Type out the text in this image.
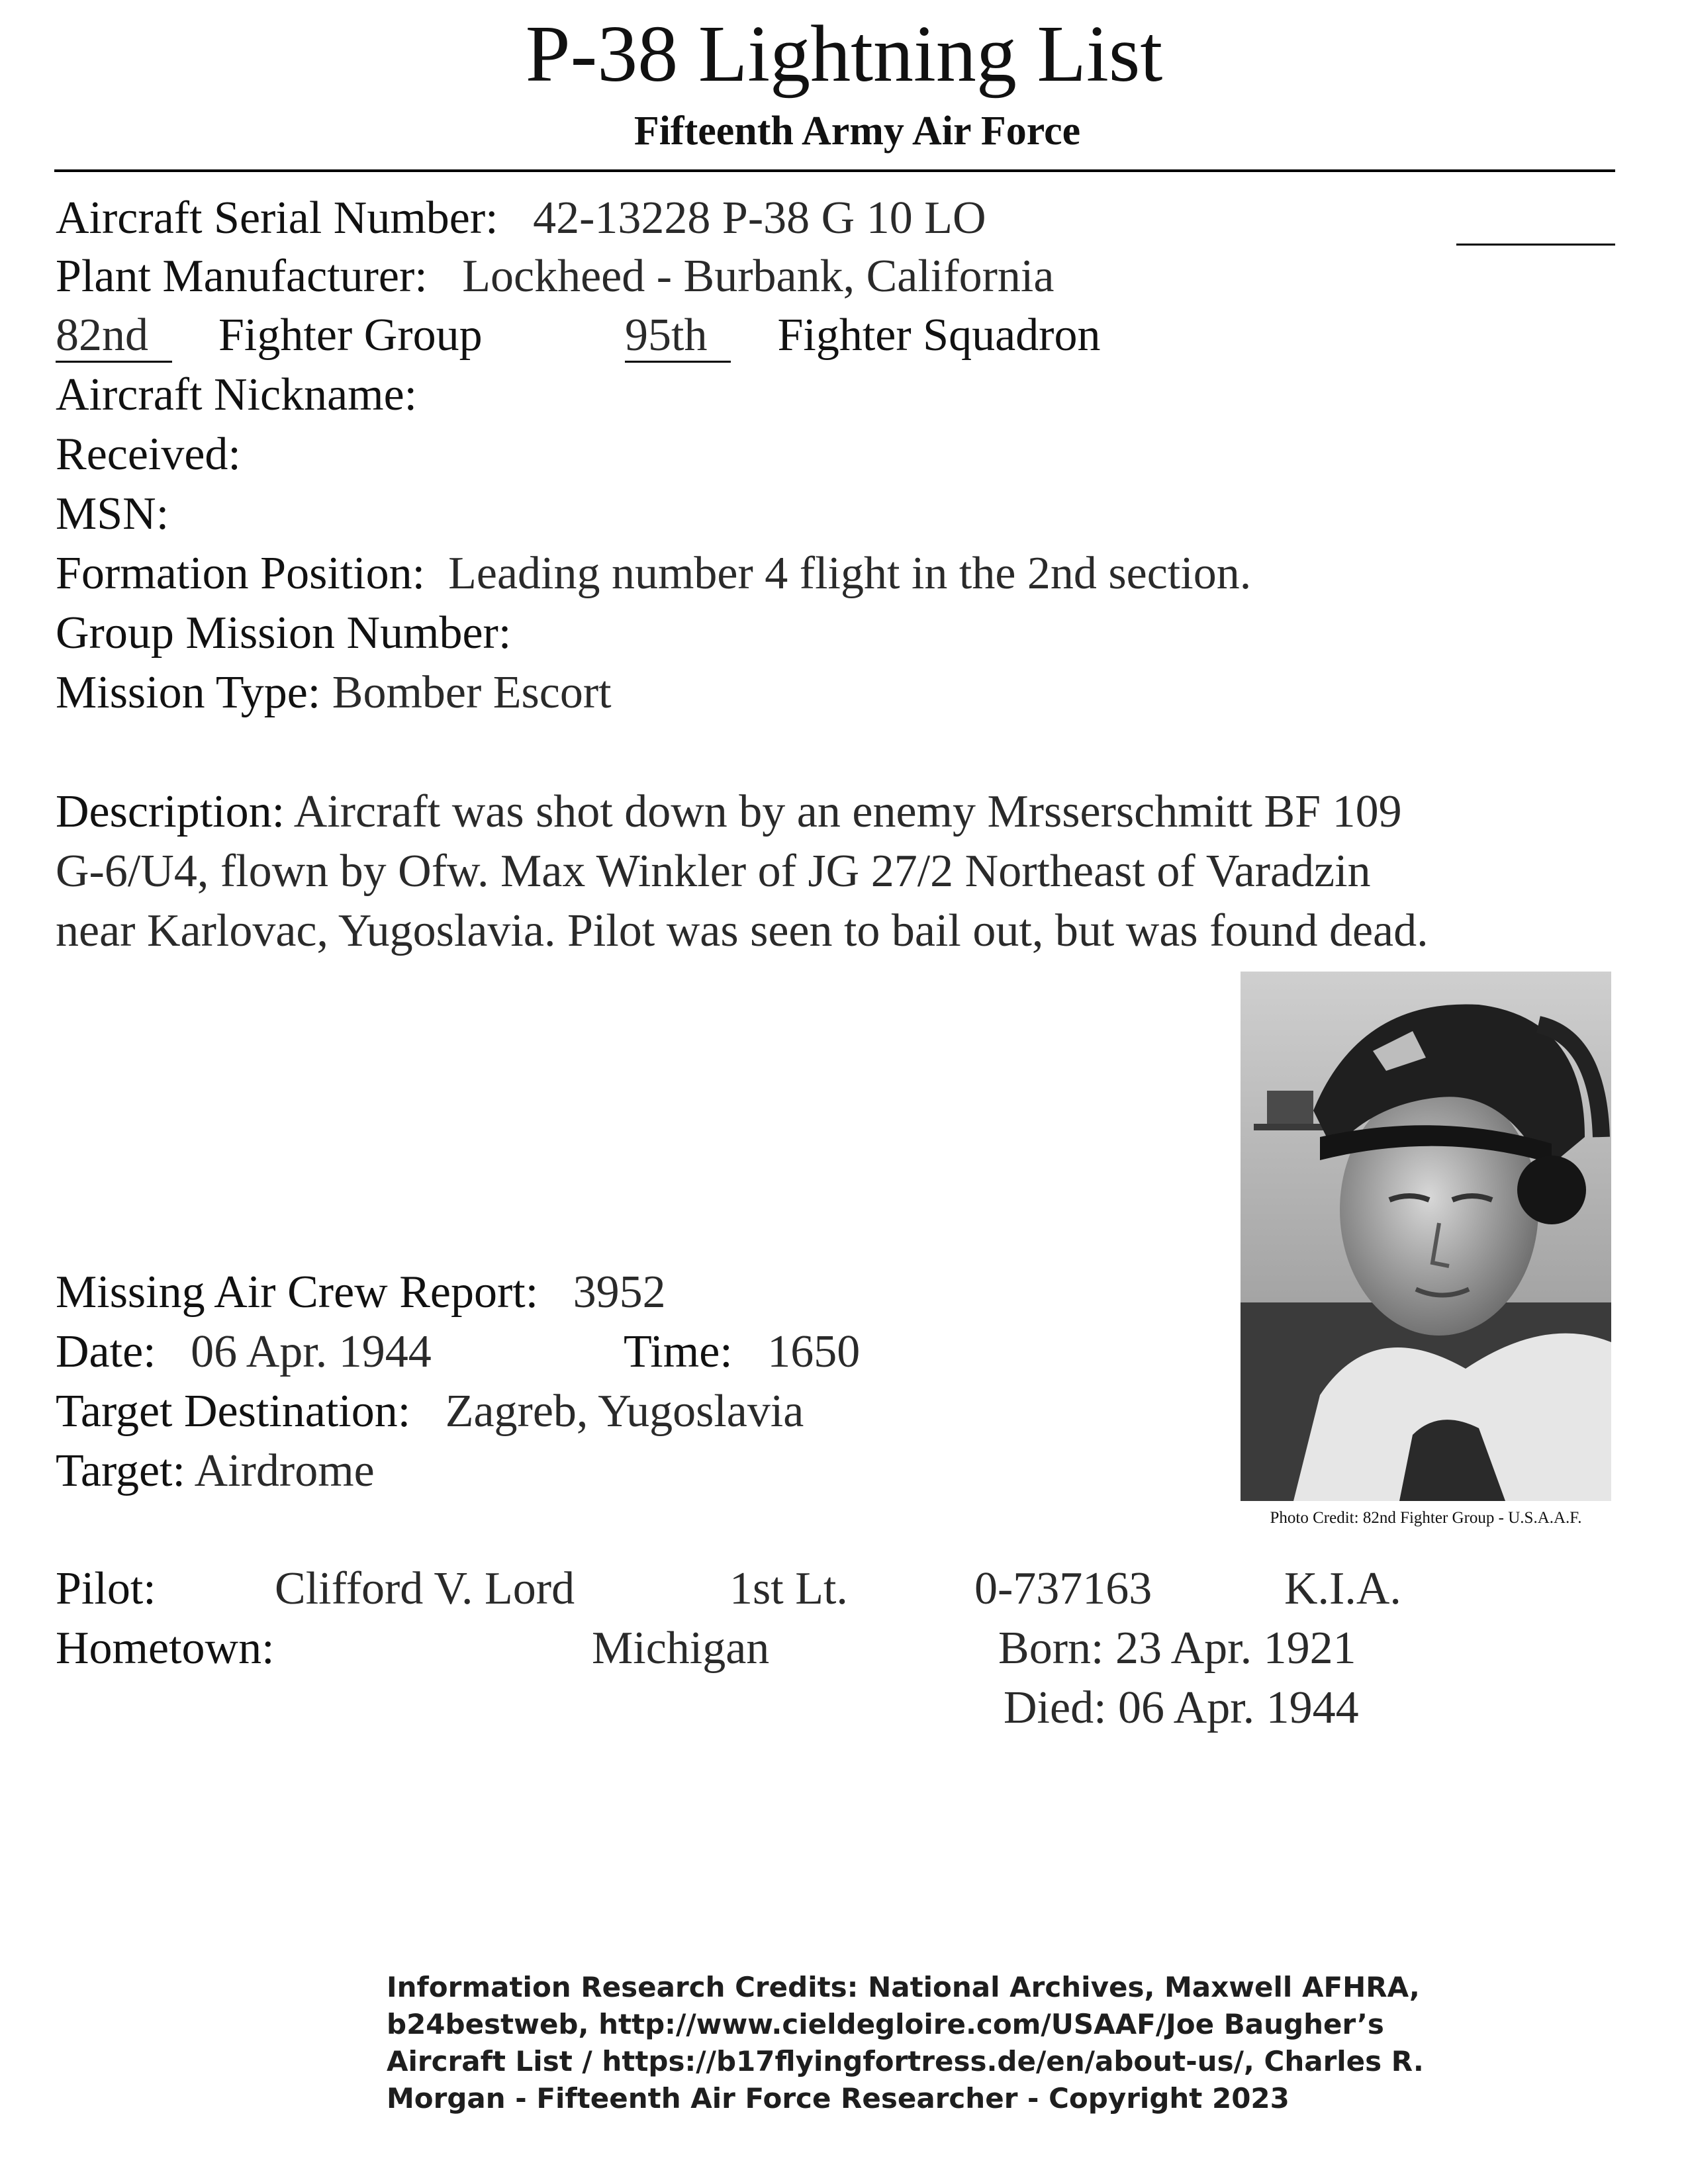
P-38 Lightning List
Fifteenth Army Air Force
Aircraft Serial Number: 42-13228 P-38 G 10 LO
Plant Manufacturer: Lockheed - Burbank, California
82nd Fighter Group	95th Fighter Squadron
Aircraft Nickname:
Received:
MSN:
Formation Position: Leading number 4 flight in the 2nd section.
Group Mission Number:
Mission Type: Bomber Escort
Description: Aircraft was shot down by an enemy Mrsserschmitt BF 109
G-6/U4, flown by Ofw. Max Winkler of JG 27/2 Northeast of Varadzin
near Karlovac, Yugoslavia. Pilot was seen to bail out, but was found dead.
Photo Credit: 82nd Fighter Group - U.S.A.A.F.
Missing Air Crew Report: 3952
Date: 06 Apr. 1944	Time: 1650
Target Destination: Zagreb, Yugoslavia
Target: Airdrome
Pilot:	Clifford V. Lord	1st Lt.	0-737163	K.I.A.
Hometown:	Michigan	Born: 23 Apr. 1921
Died: 06 Apr. 1944
Information Research Credits: National Archives, Maxwell AFHRA,
b24bestweb, http://www.cieldegloire.com/USAAF/Joe Baugher’s
Aircraft List / https://b17flyingfortress.de/en/about-us/, Charles R.
Morgan - Fifteenth Air Force Researcher - Copyright 2023
